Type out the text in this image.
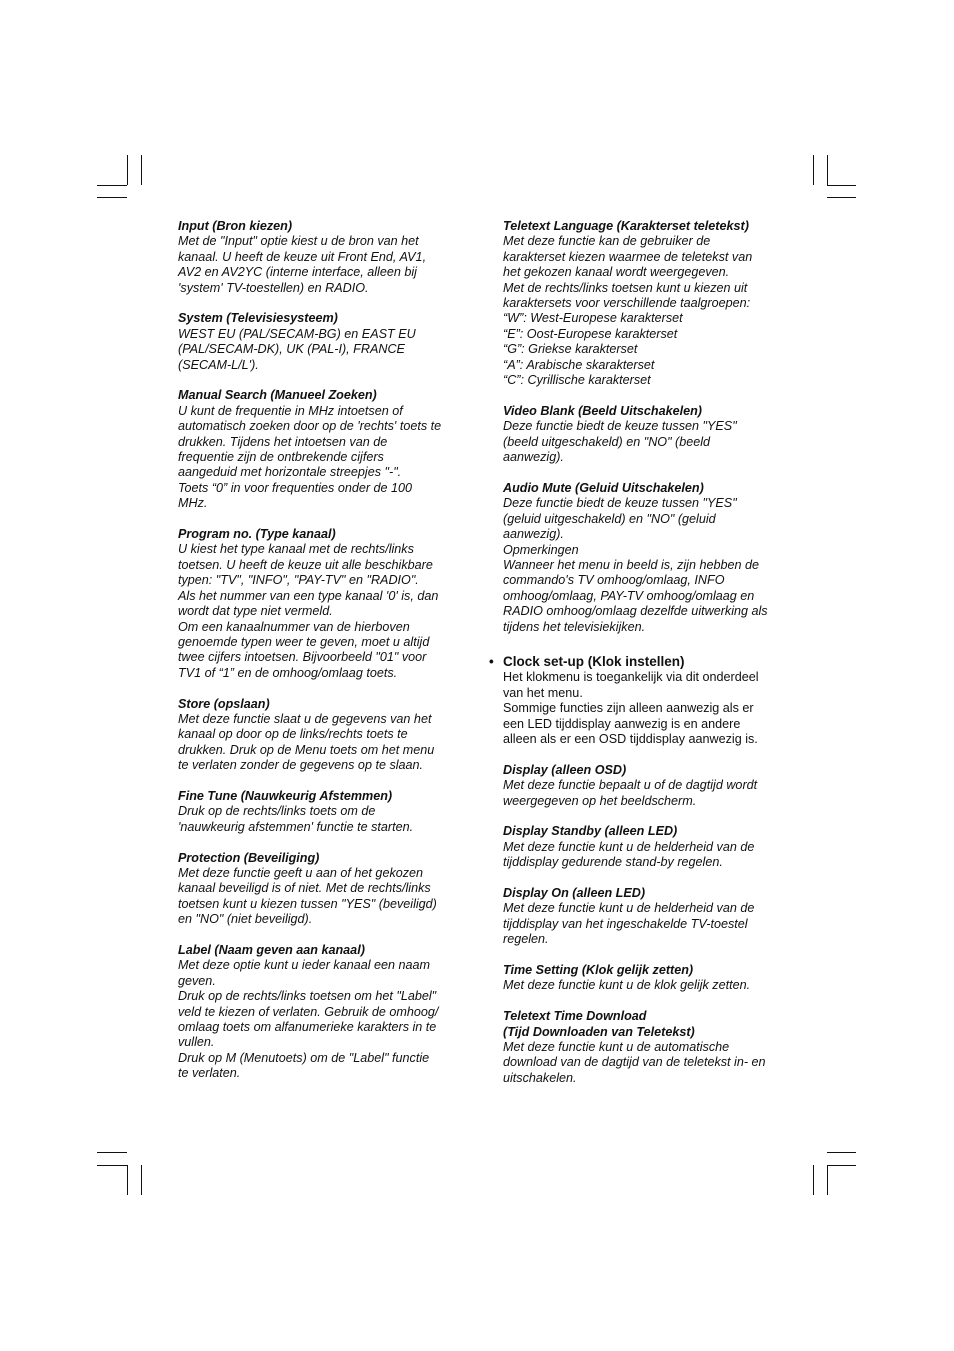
Input (Bron kiezen)
Met de "Input" optie kiest u de bron van het
kanaal. U heeft de keuze uit Front End, AV1,
AV2 en AV2YC (interne interface, alleen bij
'system' TV-toestellen) en RADIO.
System (Televisiesysteem)
WEST EU (PAL/SECAM-BG) en EAST EU
(PAL/SECAM-DK), UK (PAL-I), FRANCE
(SECAM-L/L').
Manual Search (Manueel Zoeken)
U kunt de frequentie in MHz intoetsen of
automatisch zoeken door op de 'rechts' toets te
drukken. Tijdens het intoetsen van de
frequentie zijn de ontbrekende cijfers
aangeduid met horizontale streepjes "-".
Toets “0” in voor frequenties onder de 100
MHz.
Program no. (Type kanaal)
U kiest het type kanaal met de rechts/links
toetsen. U heeft de keuze uit alle beschikbare
typen: "TV", "INFO", "PAY-TV" en "RADIO".
Als het nummer van een type kanaal '0' is, dan
wordt dat type niet vermeld.
Om een kanaalnummer van de hierboven
genoemde typen weer te geven, moet u altijd
twee cijfers intoetsen. Bijvoorbeeld "01" voor
TV1 of “1” en de omhoog/omlaag toets.
Store (opslaan)
Met deze functie slaat u de gegevens van het
kanaal op door op de links/rechts toets te
drukken. Druk op de Menu toets om het menu
te verlaten zonder de gegevens op te slaan.
Fine Tune (Nauwkeurig Afstemmen)
Druk op de rechts/links toets om de
'nauwkeurig afstemmen' functie te starten.
Protection (Beveiliging)
Met deze functie geeft u aan of het gekozen
kanaal beveiligd is of niet. Met de rechts/links
toetsen kunt u kiezen tussen "YES" (beveiligd)
en "NO" (niet beveiligd).
Label (Naam geven aan kanaal)
Met deze optie kunt u ieder kanaal een naam
geven.
Druk op de rechts/links toetsen om het "Label"
veld te kiezen of verlaten. Gebruik de omhoog/
omlaag toets om alfanumerieke karakters in te
vullen.
Druk op M (Menutoets) om de "Label" functie
te verlaten.
Teletext Language (Karakterset teletekst)
Met deze functie kan de gebruiker de
karakterset kiezen waarmee de teletekst van
het gekozen kanaal wordt weergegeven.
Met de rechts/links toetsen kunt u kiezen uit
karaktersets voor verschillende taalgroepen:
“W”: West-Europese karakterset
“E”: Oost-Europese karakterset
“G”: Griekse karakterset
“A”: Arabische skarakterset
“C”: Cyrillische karakterset
Video Blank (Beeld Uitschakelen)
Deze functie biedt de keuze tussen "YES"
(beeld uitgeschakeld) en "NO" (beeld
aanwezig).
Audio Mute (Geluid Uitschakelen)
Deze functie biedt de keuze tussen "YES"
(geluid uitgeschakeld) en "NO" (geluid
aanwezig).
Opmerkingen
Wanneer het menu in beeld is, zijn hebben de
commando's TV omhoog/omlaag, INFO
omhoog/omlaag, PAY-TV omhoog/omlaag en
RADIO omhoog/omlaag dezelfde uitwerking als
tijdens het televisiekijken.
• Clock set-up (Klok instellen)
Het klokmenu is toegankelijk via dit onderdeel
van het menu.
Sommige functies zijn alleen aanwezig als er
een LED tijddisplay aanwezig is en andere
alleen als er een OSD tijddisplay aanwezig is.
Display (alleen OSD)
Met deze functie bepaalt u of de dagtijd wordt
weergegeven op het beeldscherm.
Display Standby (alleen LED)
Met deze functie kunt u de helderheid van de
tijddisplay gedurende stand-by regelen.
Display On (alleen LED)
Met deze functie kunt u de helderheid van de
tijddisplay van het ingeschakelde TV-toestel
regelen.
Time Setting (Klok gelijk zetten)
Met deze functie kunt u de klok gelijk zetten.
Teletext Time Download
(Tijd Downloaden van Teletekst)
Met deze functie kunt u de automatische
download van de dagtijd van de teletekst in- en
uitschakelen.
